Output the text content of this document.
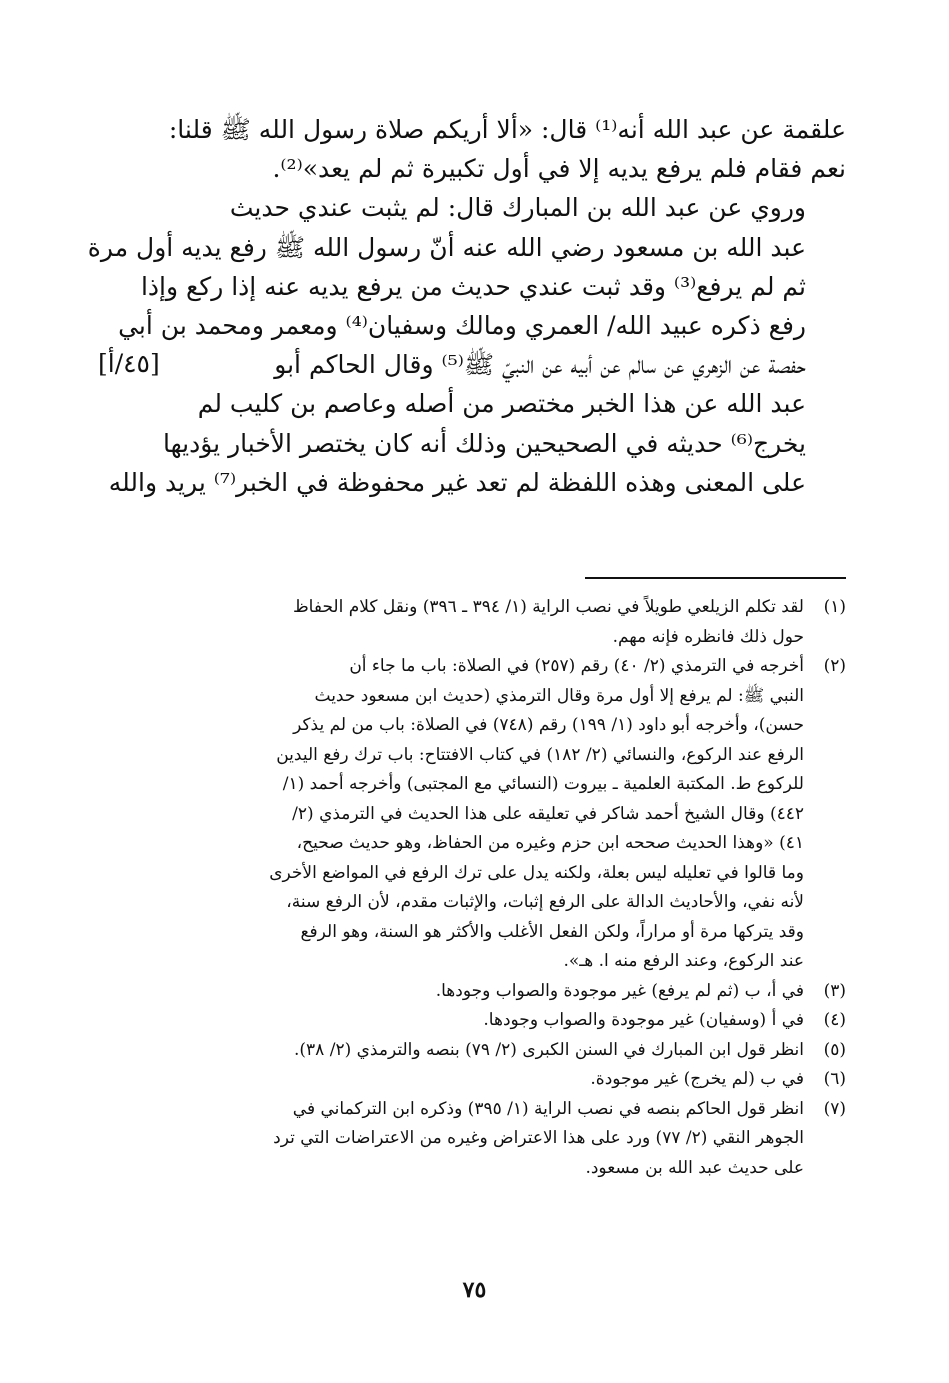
علقمة عن عبد الله أنه⁽¹⁾ قال: «ألا أريكم صلاة رسول الله ﷺ قلنا:
نعم فقام فلم يرفع يديه إلا في أول تكبيرة ثم لم يعد»⁽²⁾.

وروي عن عبد الله بن المبارك قال: لم يثبت عندي حديث
عبد الله بن مسعود رضي الله عنه أنّ رسول الله ﷺ رفع يديه أول مرة
ثم لم يرفع⁽³⁾ وقد ثبت عندي حديث من يرفع يديه عنه إذا ركع وإذا
رفع ذكره عبيد الله/ العمري ومالك وسفيان⁽⁴⁾ ومعمر ومحمد بن أبي
حفصة عن الزهري عن سالم عن أبيه عن النبيّ ﷺ⁽⁵⁾ وقال الحاكم أبو
عبد الله عن هذا الخبر مختصر من أصله وعاصم بن كليب لم
يخرج⁽⁶⁾ حديثه في الصحيحين وذلك أنه كان يختصر الأخبار يؤديها
على المعنى وهذه اللفظة لم تعد غير محفوظة في الخبر⁽⁷⁾ يريد والله

[٤٥/أ]
(١)
لقد تكلم الزيلعي طويلاً في نصب الراية (١/ ٣٩٤ ـ ٣٩٦) ونقل كلام الحفاظ
حول ذلك فانظره فإنه مهم.
(٢)
أخرجه في الترمذي (٢/ ٤٠) رقم (٢٥٧) في الصلاة: باب ما جاء أن
النبي ﷺ: لم يرفع إلا أول مرة وقال الترمذي (حديث ابن مسعود حديث
حسن)، وأخرجه أبو داود (١/ ١٩٩) رقم (٧٤٨) في الصلاة: باب من لم يذكر
الرفع عند الركوع، والنسائي (٢/ ١٨٢) في كتاب الافتتاح: باب ترك رفع اليدين
للركوع ط. المكتبة العلمية ـ بيروت (النسائي مع المجتبى) وأخرجه أحمد (١/
٤٤٢) وقال الشيخ أحمد شاكر في تعليقه على هذا الحديث في الترمذي (٢/
٤١) «وهذا الحديث صححه ابن حزم وغيره من الحفاظ، وهو حديث صحيح،
وما قالوا في تعليله ليس بعلة، ولكنه يدل على ترك الرفع في المواضع الأخرى
لأنه نفي، والأحاديث الدالة على الرفع إثبات، والإثبات مقدم، لأن الرفع سنة،
وقد يتركها مرة أو مراراً، ولكن الفعل الأغلب والأكثر هو السنة، وهو الرفع
عند الركوع، وعند الرفع منه ا. هـ».
(٣)
في أ، ب (ثم لم يرفع) غير موجودة والصواب وجودها.
(٤)
في أ (وسفيان) غير موجودة والصواب وجودها.
(٥)
انظر قول ابن المبارك في السنن الكبرى (٢/ ٧٩) بنصه والترمذي (٢/ ٣٨).
(٦)
في ب (لم يخرج) غير موجودة.
(٧)
انظر قول الحاكم بنصه في نصب الراية (١/ ٣٩٥) وذكره ابن التركماني في
الجوهر النقي (٢/ ٧٧) ورد على هذا الاعتراض وغيره من الاعتراضات التي ترد
على حديث عبد الله بن مسعود.
٧٥
